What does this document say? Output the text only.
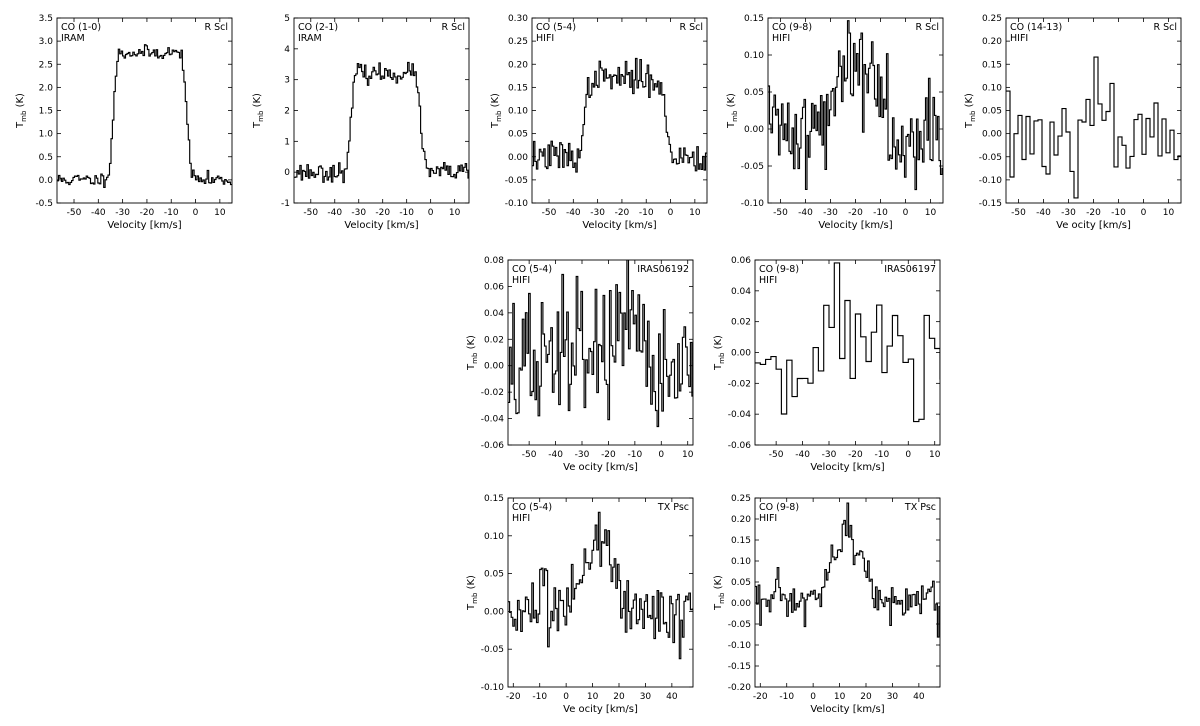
-50 -40 -30 -20 -10 0 10
-0.5
0.0
0.5
1.0
1.5
2.0
2.5
3.0
3.5
Velocity [km/s]
$T_{mb}$ (K)
CO (1-0)
IRAM
R Scl
-50 -40 -30 -20 -10 0 10
-1
0
1
2
3
4
5
Velocity [km/s]
$T_{mb}$ (K)
CO (2-1)
IRAM
R Scl
-50 -40 -30 -20 -10 0 10
-0.10
-0.05
0.00
0.05
0.10
0.15
0.20
0.25
0.30
Velocity [km/s]
$T_{mb}$ (K)
CO (5-4)
HIFI
R Scl
-50 -40 -30 -20 -10 0 10
-0.10
-0.05
0.00
0.05
0.10
0.15
Velocity [km/s]
$T_{mb}$ (K)
CO (9-8)
HIFI
R Scl
-50 -40 -30 -20 -10 0 10
-0.15
-0.10
-0.05
0.00
0.05
0.10
0.15
0.20
0.25
Ve ocity [km/s]
$T_{mb}$ (K)
CO (14-13)
HIFI
R Scl
-50 -40 -30 -20 -10 0 10
-0.06
-0.04
-0.02
0.00
0.02
0.04
0.06
0.08
Ve ocity [km/s]
$T_{mb}$ (K)
CO (5-4)
HIFI
IRAS06192
-50 -40 -30 -20 -10 0 10
-0.06
-0.04
-0.02
0.00
0.02
0.04
0.06
Velocity [km/s]
$T_{mb}$ (K)
CO (9-8)
HIFI
IRAS06197
-20 -10 0 10 20 30 40
-0.10
-0.05
0.00
0.05
0.10
0.15
Ve ocity [km/s]
$T_{mb}$ (K)
CO (5-4)
HIFI
TX Psc
-20 -10 0 10 20 30 40
-0.20
-0.15
-0.10
-0.05
0.00
0.05
0.10
0.15
0.20
0.25
Velocity [km/s]
$T_{mb}$ (K)
CO (9-8)
HIFI
TX Psc
